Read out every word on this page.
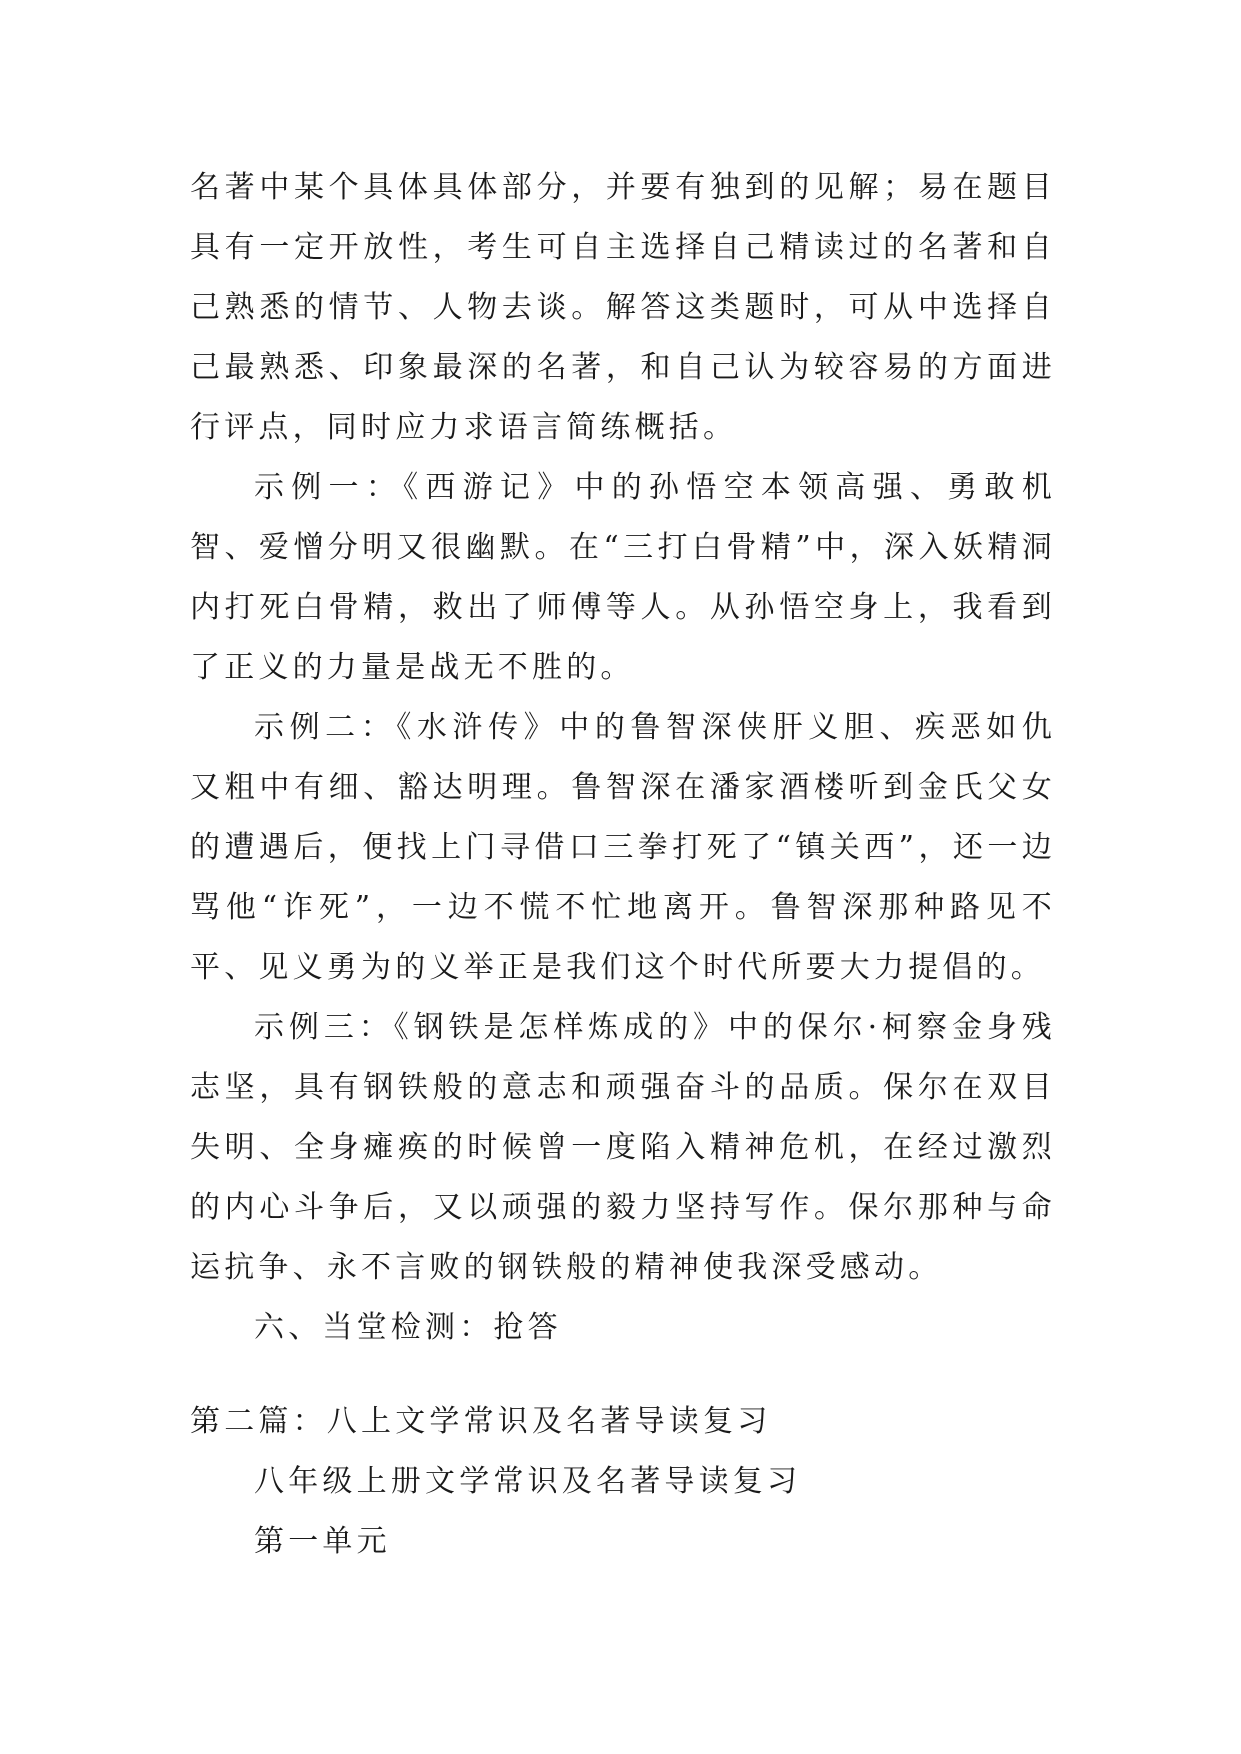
名著中某个具体具体部分，并要有独到的见解；易在题目具有一定开放性，考生可自主选择自己精读过的名著和自己熟悉的情节、人物去谈。解答这类题时，可从中选择自己最熟悉、印象最深的名著，和自己认为较容易的方面进行评点，同时应力求语言简练概括。

示例一：《西游记》中的孙悟空本领高强、勇敢机智、爱憎分明又很幽默。在“三打白骨精”中，深入妖精洞内打死白骨精，救出了师傅等人。从孙悟空身上，我看到了正义的力量是战无不胜的。

示例二：《水浒传》中的鲁智深侠肝义胆、疾恶如仇又粗中有细、豁达明理。鲁智深在潘家酒楼听到金氏父女的遭遇后，便找上门寻借口三拳打死了“镇关西”，还一边骂他“诈死”，一边不慌不忙地离开。鲁智深那种路见不平、见义勇为的义举正是我们这个时代所要大力提倡的。

示例三：《钢铁是怎样炼成的》中的保尔·柯察金身残志坚，具有钢铁般的意志和顽强奋斗的品质。保尔在双目失明、全身瘫痪的时候曾一度陷入精神危机，在经过激烈的内心斗争后，又以顽强的毅力坚持写作。保尔那种与命运抗争、永不言败的钢铁般的精神使我深受感动。

六、当堂检测：抢答

第二篇：八上文学常识及名著导读复习

八年级上册文学常识及名著导读复习

第一单元
